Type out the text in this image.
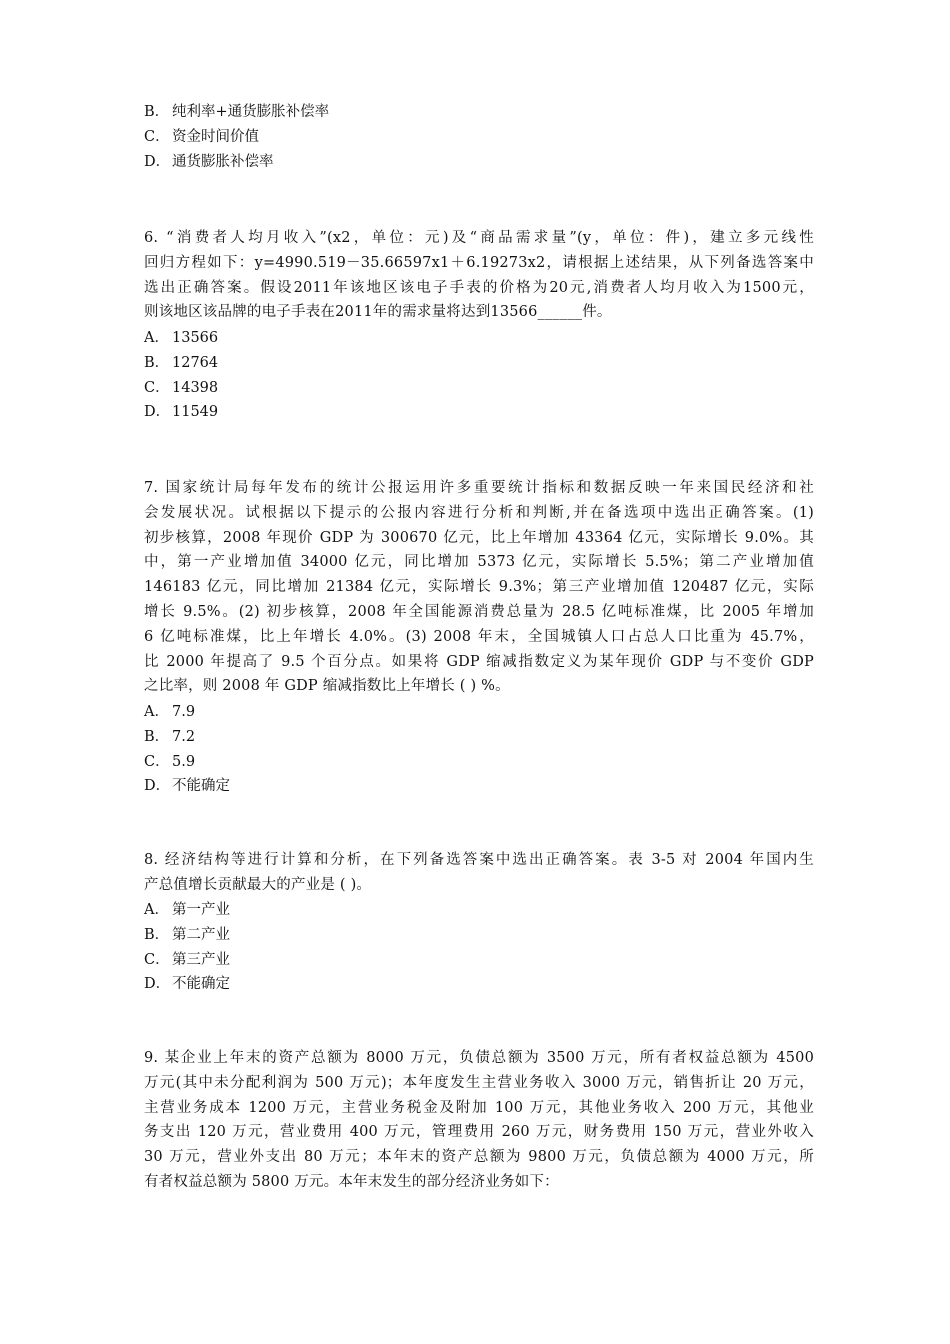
B． 纯利率+通货膨胀补偿率
C． 资金时间价值
D． 通货膨胀补偿率
6. “消费者人均月收入”(x2，单位：元)及“商品需求量”(y，单位：件)，建立多元线性
回归方程如下：y=4990.519－35.66597x1＋6.19273x2，请根据上述结果，从下列备选答案中
选出正确答案。假设2011年该地区该电子手表的价格为20元,消费者人均月收入为1500元，
则该地区该品牌的电子手表在2011年的需求量将达到13566______件。
A． 13566
B． 12764
C． 14398
D． 11549
7. 国家统计局每年发布的统计公报运用许多重要统计指标和数据反映一年来国民经济和社
会发展状况。试根据以下提示的公报内容进行分析和判断,并在备选项中选出正确答案。(1)
初步核算，2008 年现价 GDP 为 300670 亿元，比上年增加 43364 亿元，实际增长 9.0%。其
中，第一产业增加值 34000 亿元，同比增加 5373 亿元，实际增长 5.5%；第二产业增加值
146183 亿元，同比增加 21384 亿元，实际增长 9.3%；第三产业增加值 120487 亿元，实际
增长 9.5%。(2) 初步核算，2008 年全国能源消费总量为 28.5 亿吨标准煤，比 2005 年增加
6 亿吨标准煤，比上年增长 4.0%。(3) 2008 年末，全国城镇人口占总人口比重为 45.7%，
比 2000 年提高了 9.5 个百分点。如果将 GDP 缩减指数定义为某年现价 GDP 与不变价 GDP
之比率，则 2008 年 GDP 缩减指数比上年增长 ( ) %。
A． 7.9
B． 7.2
C． 5.9
D． 不能确定
8. 经济结构等进行计算和分析，在下列备选答案中选出正确答案。表 3-5 对 2004 年国内生
产总值增长贡献最大的产业是 ( )。
A． 第一产业
B． 第二产业
C． 第三产业
D． 不能确定
9. 某企业上年末的资产总额为 8000 万元，负债总额为 3500 万元，所有者权益总额为 4500
万元(其中未分配利润为 500 万元)；本年度发生主营业务收入 3000 万元，销售折让 20 万元，
主营业务成本 1200 万元，主营业务税金及附加 100 万元，其他业务收入 200 万元，其他业
务支出 120 万元，营业费用 400 万元，管理费用 260 万元，财务费用 150 万元，营业外收入
30 万元，营业外支出 80 万元；本年末的资产总额为 9800 万元，负债总额为 4000 万元，所
有者权益总额为 5800 万元。本年末发生的部分经济业务如下：
